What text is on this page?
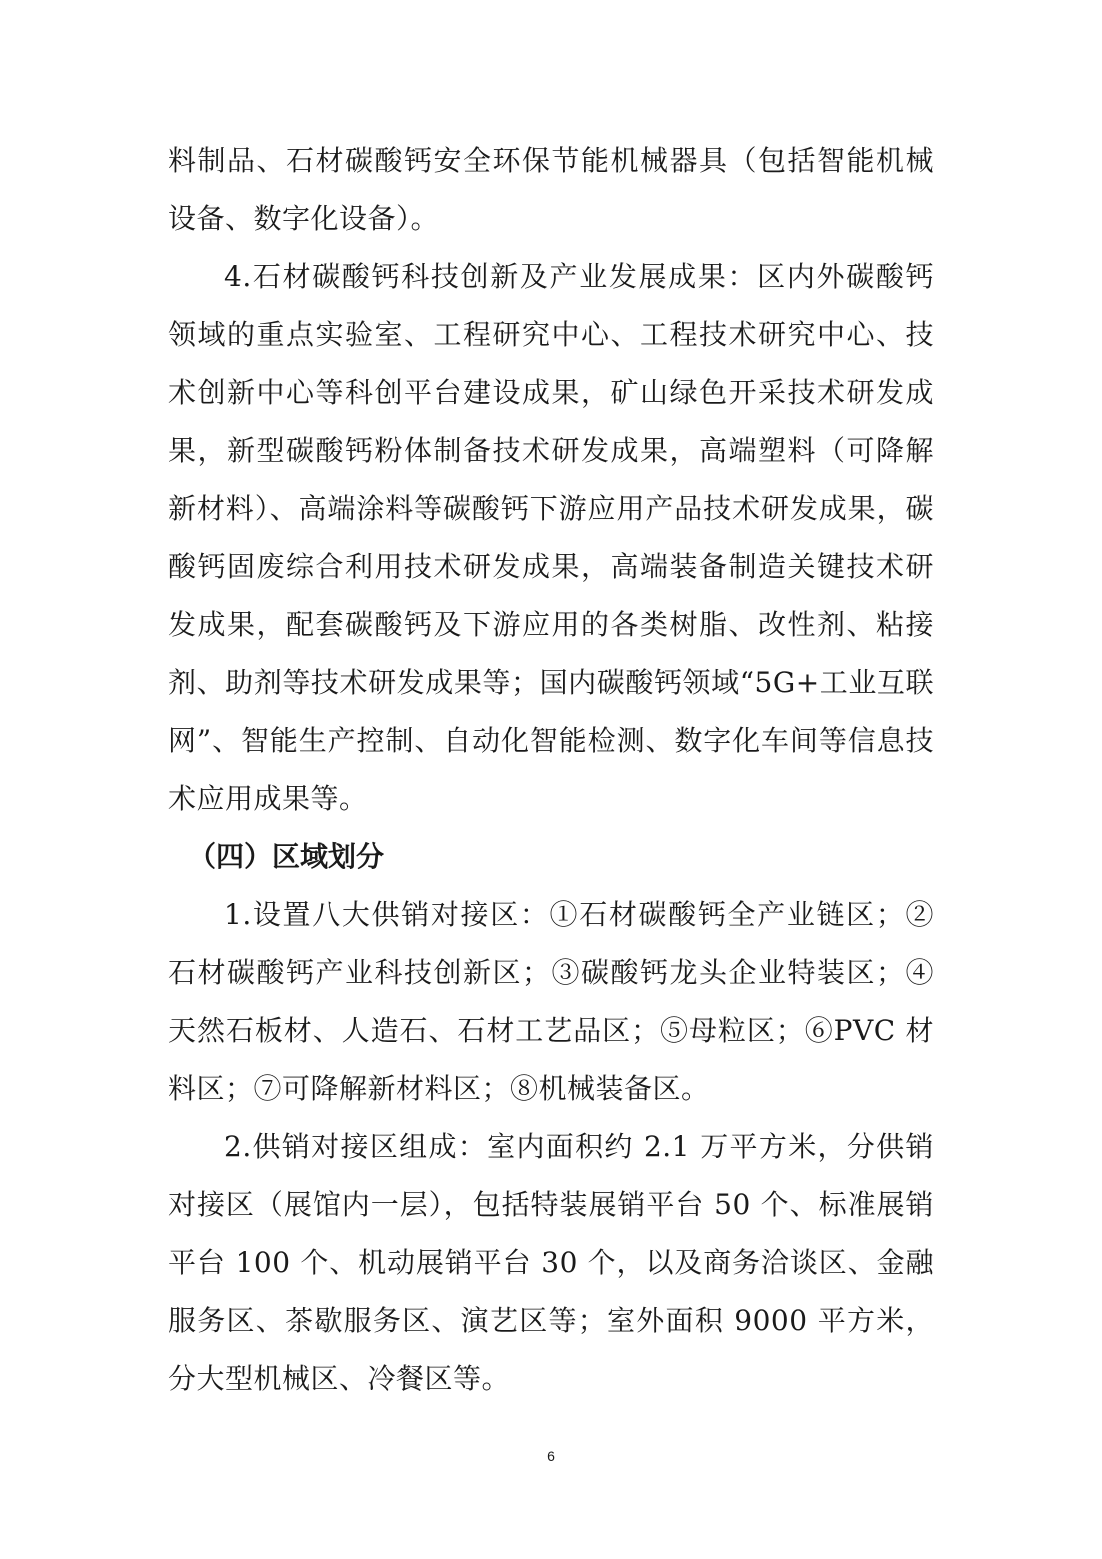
料制品、石材碳酸钙安全环保节能机械器具（包括智能机械设备、数字化设备）。

4.石材碳酸钙科技创新及产业发展成果：区内外碳酸钙领域的重点实验室、工程研究中心、工程技术研究中心、技术创新中心等科创平台建设成果，矿山绿色开采技术研发成果，新型碳酸钙粉体制备技术研发成果，高端塑料（可降解新材料）、高端涂料等碳酸钙下游应用产品技术研发成果，碳酸钙固废综合利用技术研发成果，高端装备制造关键技术研发成果，配套碳酸钙及下游应用的各类树脂、改性剂、粘接剂、助剂等技术研发成果等；国内碳酸钙领域“5G+工业互联网”、智能生产控制、自动化智能检测、数字化车间等信息技术应用成果等。

（四）区域划分

1.设置八大供销对接区：①石材碳酸钙全产业链区；②石材碳酸钙产业科技创新区；③碳酸钙龙头企业特装区；④天然石板材、人造石、石材工艺品区；⑤母粒区；⑥PVC 材料区；⑦可降解新材料区；⑧机械装备区。

2.供销对接区组成：室内面积约 2.1 万平方米，分供销对接区（展馆内一层），包括特装展销平台 50 个、标准展销平台 100 个、机动展销平台 30 个，以及商务洽谈区、金融服务区、茶歇服务区、演艺区等；室外面积 9000 平方米，分大型机械区、冷餐区等。

6
